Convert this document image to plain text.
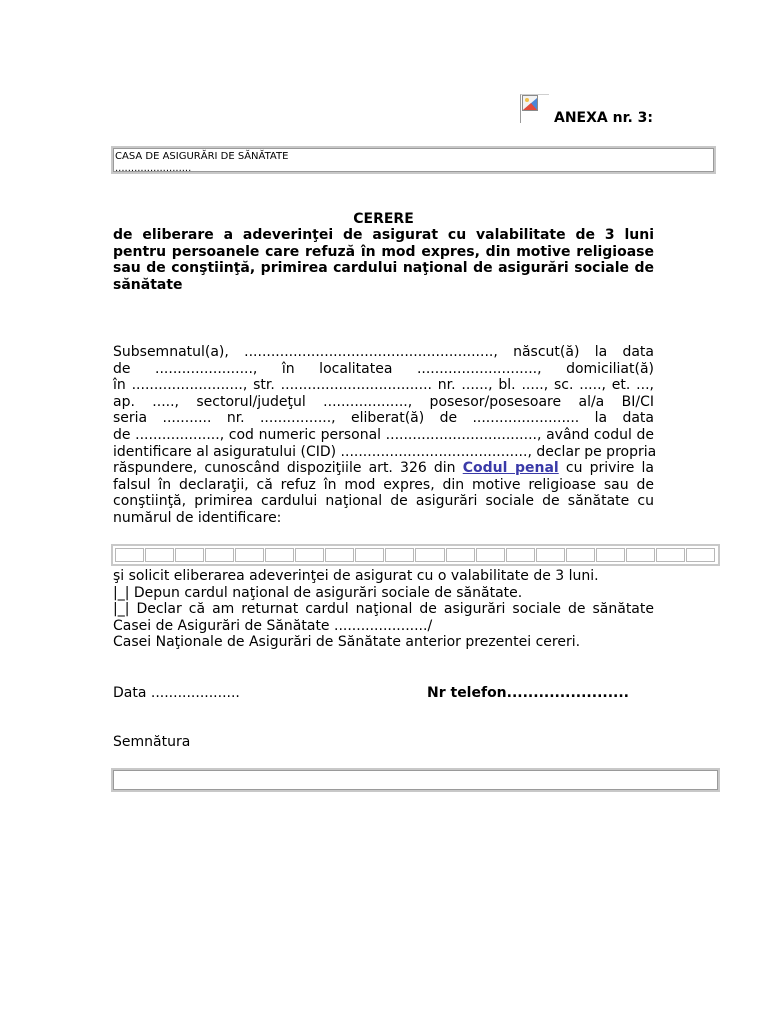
ANEXA nr. 3:
CASA DE ASIGURĂRI DE SĂNĂTATE
........................
CERERE
de eliberare a adeverinţei de asigurat cu valabilitate de 3 luni pentru persoanele care refuză în mod expres, din motive religioase sau de conştiinţă, primirea cardului naţional de asigurări sociale de sănătate
Subsemnatul(a), ........................................................, născut(ă) la data
de ......................, în localitatea ..........................., domiciliat(ă)
în ........................., str. .................................. nr. ......, bl. ....., sc. ....., et. ...,
ap. ....., sectorul/judeţul ..................., posesor/posesoare al/a BI/CI
seria ........... nr. ................, eliberat(ă) de ........................ la data
de ..................., cod numeric personal .................................., având codul de
identificare al asiguratului (CID) .........................................., declar pe propria
răspundere, cunoscând dispoziţiile art. 326 din Codul penal cu privire la
falsul în declaraţii, că refuz în mod expres, din motive religioase sau de
conştiinţă, primirea cardului naţional de asigurări sociale de sănătate cu
numărul de identificare:
şi solicit eliberarea adeverinţei de asigurat cu o valabilitate de 3 luni.
|_| Depun cardul naţional de asigurări sociale de sănătate.
|_| Declar că am returnat cardul naţional de asigurări sociale de sănătate
Casei de Asigurări de Sănătate ...................../
Casei Naţionale de Asigurări de Sănătate anterior prezentei cereri.
Data ....................	Nr telefon.......................
Semnătura
